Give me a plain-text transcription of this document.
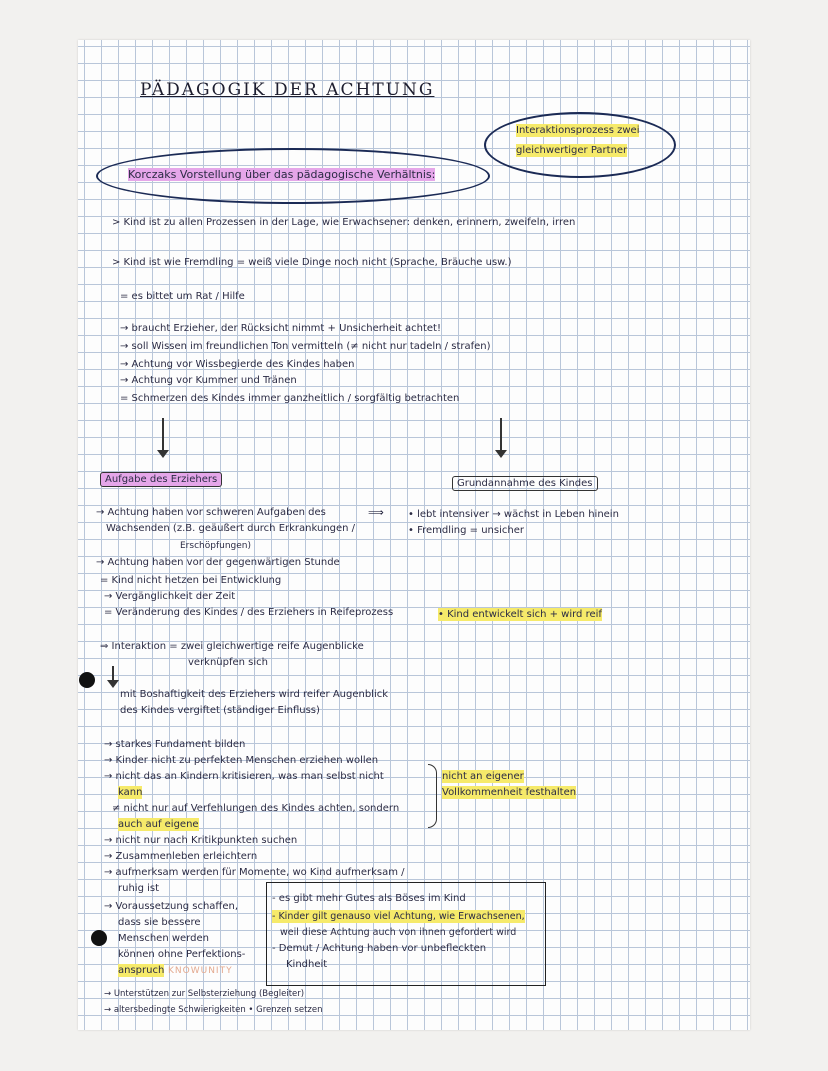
PÄDAGOGIK DER ACHTUNG
Interaktionsprozess zwei
gleichwertiger Partner
Korczaks Vorstellung über das pädagogische Verhältnis:
> Kind ist zu allen Prozessen in der Lage, wie Erwachsener: denken, erinnern, zweifeln, irren
> Kind ist wie Fremdling = weiß viele Dinge noch nicht (Sprache, Bräuche usw.)
= es bittet um Rat / Hilfe
→ braucht Erzieher, der Rücksicht nimmt + Unsicherheit achtet!
→ soll Wissen im freundlichen Ton vermitteln (≠ nicht nur tadeln / strafen)
→ Achtung vor Wissbegierde des Kindes haben
→ Achtung vor Kummer und Tränen
= Schmerzen des Kindes immer ganzheitlich / sorgfältig betrachten
Aufgabe des Erziehers	Grundannahme des Kindes
→ Achtung haben vor schweren Aufgaben des
Wachsenden (z.B. geäußert durch Erkrankungen /
Erschöpfungen)
→ Achtung haben vor der gegenwärtigen Stunde
= Kind nicht hetzen bei Entwicklung
→ Vergänglichkeit der Zeit
= Veränderung des Kindes / des Erziehers in Reifeprozess
⟹ • lebt intensiver → wächst in Leben hinein
• Fremdling = unsicher
• Kind entwickelt sich + wird reif
⇒ Interaktion = zwei gleichwertige reife Augenblicke
verknüpfen sich
mit Boshaftigkeit des Erziehers wird reifer Augenblick
des Kindes vergiftet (ständiger Einfluss)
→ starkes Fundament bilden
→ Kinder nicht zu perfekten Menschen erziehen wollen
→ nicht das an Kindern kritisieren, was man selbst nicht
kann
≠ nicht nur auf Verfehlungen des Kindes achten, sondern
auch auf eigene
→ nicht nur nach Kritikpunkten suchen
→ Zusammenleben erleichtern
→ aufmerksam werden für Momente, wo Kind aufmerksam /
ruhig ist
→ Voraussetzung schaffen,
dass sie bessere
Menschen werden
können ohne Perfektions-
anspruch KNOWUNITY
nicht an eigener
Vollkommenheit festhalten
- es gibt mehr Gutes als Böses im Kind
- Kinder gilt genauso viel Achtung, wie Erwachsenen,
weil diese Achtung auch von ihnen gefordert wird
- Demut / Achtung haben vor unbefleckten
Kindheit
→ Unterstützen zur Selbsterziehung (Begleiter)
→ altersbedingte Schwierigkeiten • Grenzen setzen
